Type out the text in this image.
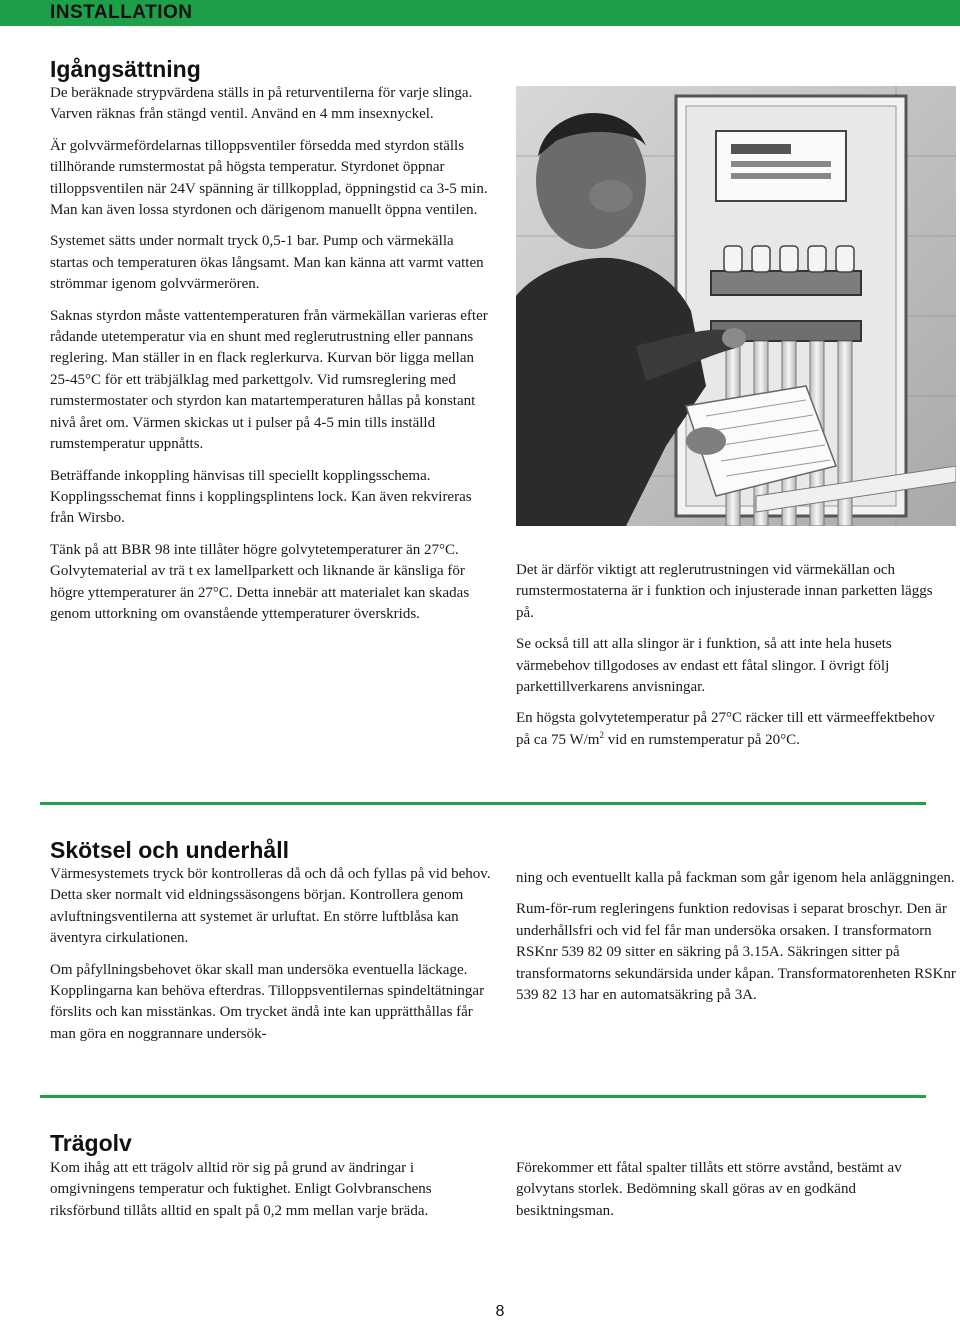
INSTALLATION
Igångsättning

De beräknade strypvärdena ställs in på returventilerna för varje slinga. Varven räknas från stängd ventil. Använd en 4 mm insexnyckel.

Är golvvärmefördelarnas tilloppsventiler försedda med styrdon ställs tillhörande rumstermostat på högsta temperatur. Styrdonet öppnar tilloppsventilen när 24V spänning är tillkopplad, öppningstid ca 3-5 min. Man kan även lossa styrdonen och därigenom manuellt öppna ventilen.

Systemet sätts under normalt tryck 0,5-1 bar. Pump och värmekälla startas och temperaturen ökas långsamt. Man kan känna att varmt vatten strömmar igenom golvvärmerören.

Saknas styrdon måste vattentemperaturen från värmekällan varieras efter rådande utetemperatur via en shunt med reglerutrustning eller pannans reglering. Man ställer in en flack reglerkurva. Kurvan bör ligga mellan 25-45°C för ett träbjälklag med parkettgolv. Vid rumsreglering med rumstermostater och styrdon kan matartemperaturen hållas på konstant nivå året om. Värmen skickas ut i pulser på 4-5 min tills inställd rumstemperatur uppnåtts.

Beträffande inkoppling hänvisas till speciellt kopplingsschema. Kopplingsschemat finns i kopplingsplintens lock. Kan även rekvireras från Wirsbo.

Tänk på att BBR 98 inte tillåter högre golvytetemperaturer än 27°C. Golvytematerial av trä t ex lamellparkett och liknande är känsliga för högre yttemperaturer än 27°C. Detta innebär att materialet kan skadas genom uttorkning om ovanstående yttemperaturer överskrids.

Det är därför viktigt att reglerutrustningen vid värmekällan och rumstermostaterna är i funktion och injusterade innan parketten läggs på.

Se också till att alla slingor är i funktion, så att inte hela husets värmebehov tillgodoses av endast ett fåtal slingor. I övrigt följ parkettillverkarens anvisningar.

En högsta golvytetemperatur på 27°C räcker till ett värmeeffektbehov på ca 75 $W/m^2$ vid en rumstemperatur på 20°C.

Skötsel och underhåll

Värmesystemets tryck bör kontrolleras då och då och fyllas på vid behov. Detta sker normalt vid eldningssäsongens början. Kontrollera genom avluftningsventilerna att systemet är urluftat. En större luftblåsa kan äventyra cirkulationen.

Om påfyllningsbehovet ökar skall man undersöka eventuella läckage. Kopplingarna kan behöva efterdras. Tilloppsventilernas spindeltätningar förslits och kan misstänkas. Om trycket ändå inte kan upprätthållas får man göra en noggrannare undersök-

ning och eventuellt kalla på fackman som går igenom hela anläggningen.

Rum-för-rum regleringens funktion redovisas i separat broschyr. Den är underhållsfri och vid fel får man undersöka orsaken. I transformatorn RSKnr 539 82 09 sitter en säkring på 3.15A. Säkringen sitter på transformatorns sekundärsida under kåpan. Transformatorenheten RSKnr 539 82 13 har en automatsäkring på 3A.

Trägolv

Kom ihåg att ett trägolv alltid rör sig på grund av ändringar i omgivningens temperatur och fuktighet. Enligt Golvbranschens riksförbund tillåts alltid en spalt på 0,2 mm mellan varje bräda.

Förekommer ett fåtal spalter tillåts ett större avstånd, bestämt av golvytans storlek. Bedömning skall göras av en godkänd besiktningsman.

8
